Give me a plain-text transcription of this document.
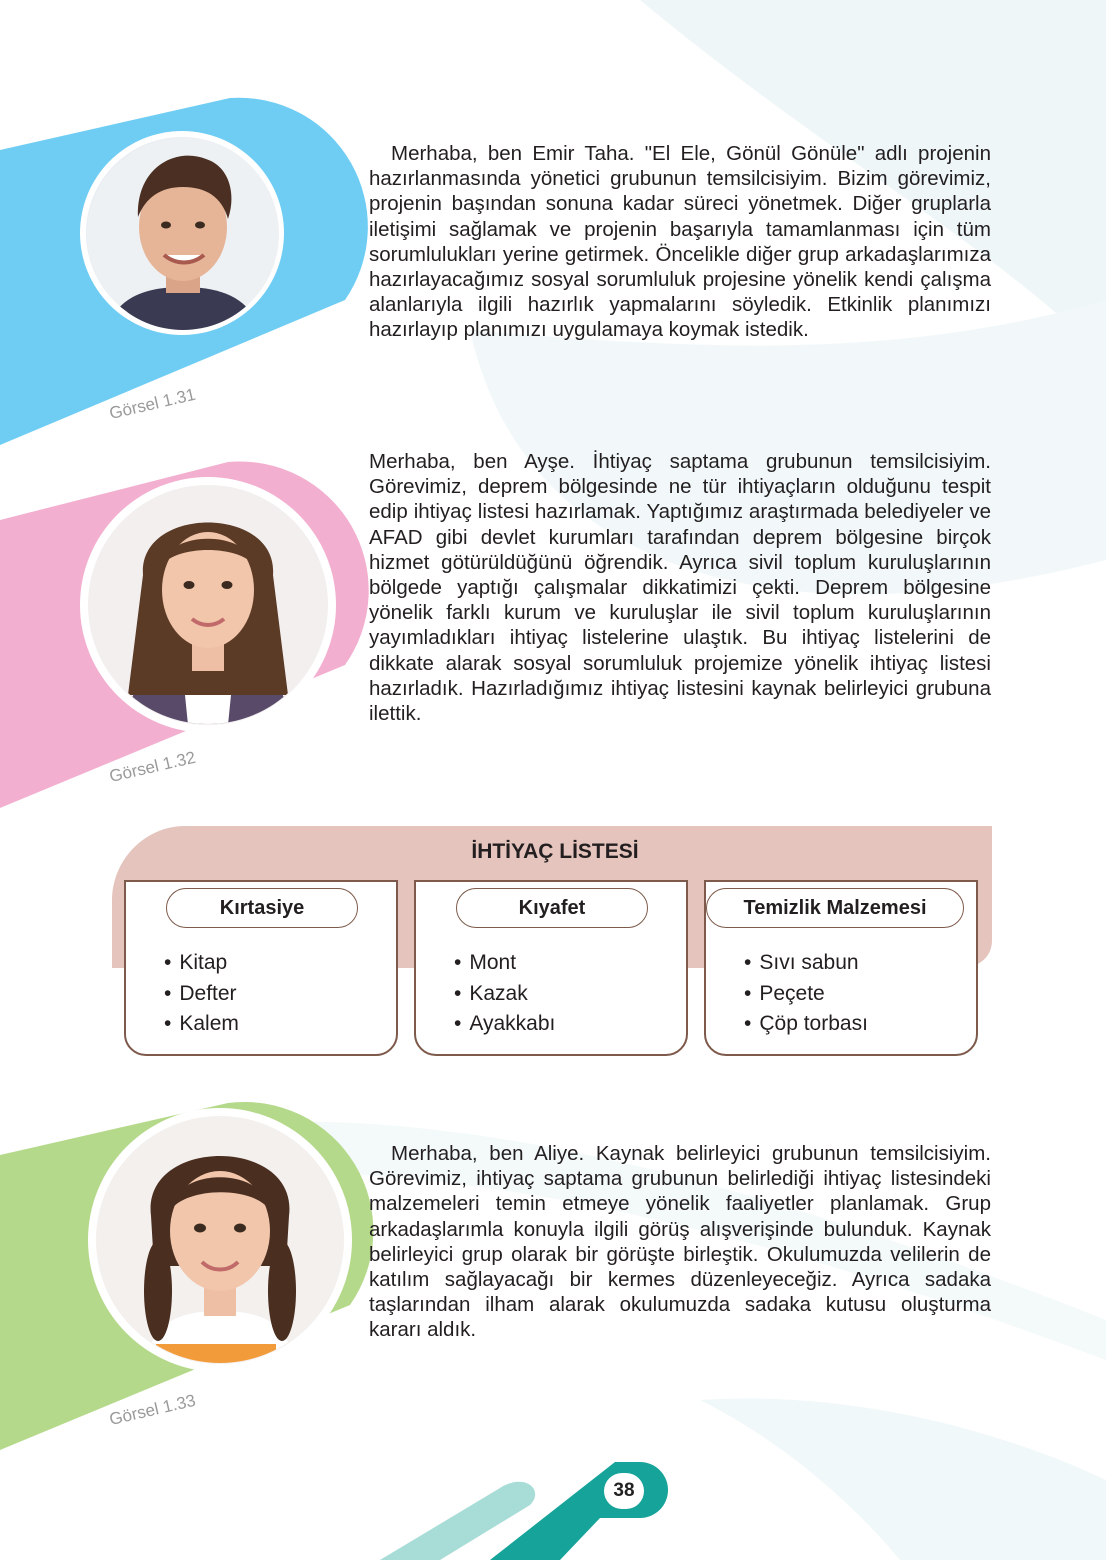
Görsel 1.31
Görsel 1.32
Görsel 1.33

Merhaba, ben Emir Taha. "El Ele, Gönül Gönüle" adlı projenin hazırlanmasında yönetici grubunun temsilcisiyim. Bizim görevimiz, projenin başından sonuna kadar süreci yönetmek. Diğer gruplarla iletişimi sağlamak ve projenin başarıyla tamamlanması için tüm sorumlulukları yerine getirmek. Öncelikle diğer grup arkadaşlarımıza hazırlayacağımız sosyal sorumluluk projesine yönelik kendi çalışma alanlarıyla ilgili hazırlık yapmalarını söyledik. Etkinlik planımızı hazırlayıp planımızı uygulamaya koymak istedik.

Merhaba, ben Ayşe. İhtiyaç saptama grubunun temsilcisiyim. Görevimiz, deprem bölgesinde ne tür ihtiyaçların olduğunu tespit edip ihtiyaç listesi hazırlamak. Yaptığımız araştırmada belediyeler ve AFAD gibi devlet kurumları tarafından deprem bölgesine birçok hizmet götürüldüğünü öğrendik. Ayrıca sivil toplum kuruluşlarının bölgede yaptığı çalışmalar dikkatimizi çekti. Deprem bölgesine yönelik farklı kurum ve kuruluşlar ile sivil toplum kuruluşlarının yayımladıkları ihtiyaç listelerine ulaştık. Bu ihtiyaç listelerini de dikkate alarak sosyal sorumluluk projemize yönelik ihtiyaç listesi hazırladık. Hazırladığımız ihtiyaç listesini kaynak belirleyici grubuna ilettik.

Merhaba, ben Aliye. Kaynak belirleyici grubunun temsilcisiyim. Görevimiz, ihtiyaç saptama grubunun belirlediği ihtiyaç listesindeki malzemeleri temin etmeye yönelik faaliyetler planlamak. Grup arkadaşlarımla konuyla ilgili görüş alışverişinde bulunduk. Kaynak belirleyici grup olarak bir görüşte birleştik. Okulumuzda velilerin de katılım sağlayacağı bir kermes düzenleyeceğiz. Ayrıca sadaka taşlarından ilham alarak okulumuzda sadaka kutusu oluşturma kararı aldık.

İHTİYAÇ LİSTESİ
Kırtasiye
• Kitap
• Defter
• Kalem
Kıyafet
• Mont
• Kazak
• Ayakkabı
Temizlik Malzemesi
• Sıvı sabun
• Peçete
• Çöp torbası
38
